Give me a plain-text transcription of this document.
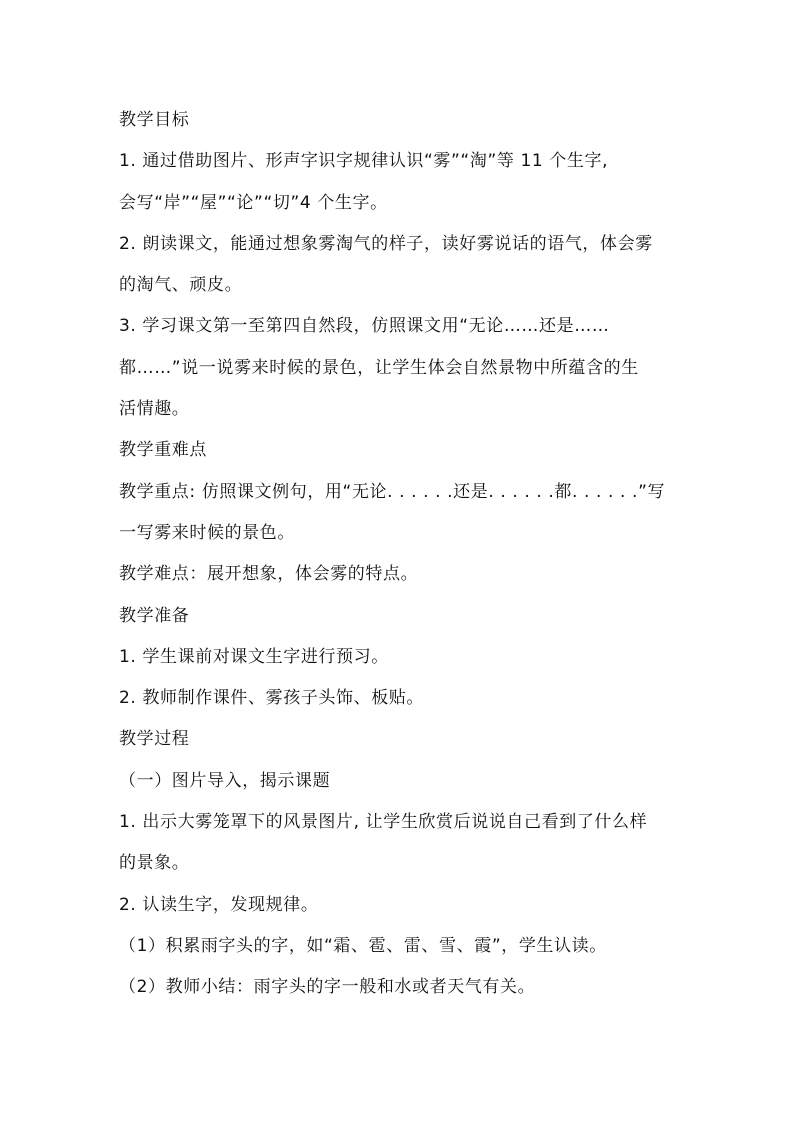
教学目标
1. 通过借助图片、形声字识字规律认识“雾”“淘”等 11 个生字,
会写“岸”“屋”“论”“切”4 个生字。
2. 朗读课文，能通过想象雾淘气的样子，读好雾说话的语气，体会雾
的淘气、顽皮。
3. 学习课文第一至第四自然段，仿照课文用“无论……还是……
都……”说一说雾来时候的景色，让学生体会自然景物中所蕴含的生
活情趣。
教学重难点
教学重点: 仿照课文例句，用“无论. . . . . .还是. . . . . .都. . . . . .”写
一写雾来时候的景色。
教学难点：展开想象，体会雾的特点。
教学准备
1. 学生课前对课文生字进行预习。
2. 教师制作课件、雾孩子头饰、板贴。
教学过程
（一）图片导入，揭示课题
1. 出示大雾笼罩下的风景图片, 让学生欣赏后说说自己看到了什么样
的景象。
2. 认读生字，发现规律。
（1）积累雨字头的字，如“霜、雹、雷、雪、霞”，学生认读。
（2）教师小结：雨字头的字一般和水或者天气有关。
